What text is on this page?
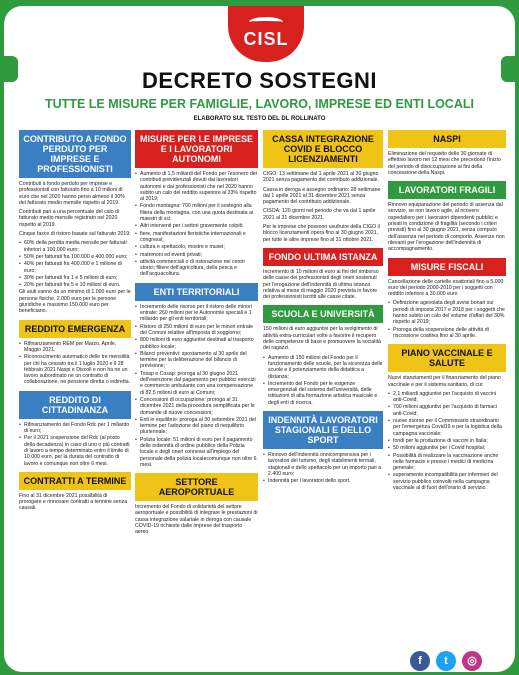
CISL
DECRETO SOSTEGNI
TUTTE LE MISURE PER FAMIGLIE, LAVORO, IMPRESE ED ENTI LOCALI
ELABORATO SUL TESTO DEL DL ROLLINATO
CONTRIBUTO A FONDO PERDUTO PER IMPRESE E PROFESSIONISTI

Contributi a fondo perduto per imprese e professionisti con fatturato fino a 10 milioni di euro che nel 2020 hanno perso almeno il 30% del fatturato medio mensile rispetto al 2019.

Contributi pari a una percentuale del calo di fatturato medio mensile registrato nel 2020 rispetto al 2019.

Cinque fasce di ristoro basate sul fatturato 2019:

• 60% della perdita media mensile per fatturati inferiori a 100.000 euro;
• 50% per fatturati fra 100.000 e 400.000 euro;
• 40% per fatturati fra 400.000 e 1 milione di euro;
• 30% per fatturati fra 1 e 5 milioni di euro;
• 20% per fatturati fra 5 e 10 milioni di euro.

Gli aiuti vanno da un minimo di 1.000 euro per le persone fisiche, 2.000 euro per le persone giuridiche e massimo 150.000 euro per beneficiario.

REDDITO EMERGENZA
• Rifinanziamento REM per Marzo, Aprile, Maggio 2021.
• Riconoscimento automatico delle tre mensilità per chi ha cessato tra il 1 luglio 2020 e il 28 febbraio 2021 Naspi e Discoll e non ha ne un lavoro subordinato ne un contratto di collaborazione, ne pensione diretta o indiretta.
REDDITO DI CITTADINANZA
• Rifinanziamento del Fondo Rdc per 1 miliardo di euro;
• Per il 2021 sospensione del Rdc (al posto della decadenza) in caso di uno o più contratti di lavoro a tempo determinato entro il limite di 10.000 euro, per la durata del contratto di lavoro e comunque non oltre 6 mesi.
CONTRATTI A TERMINE

Fino al 31 dicembre 2021 possibilità di prorogare e rinnovare contratti a termine senza causali.

MISURE PER LE IMPRESE E I LAVORATORI AUTONOMI
• Aumento di 1,5 miliardi del Fondo per l'esonero dei contributi previdenziali dovuti dai lavoratori autonomi e dai professionisti che nel 2020 hanno subito un calo del reddito superiore al 33% rispetto al 2019;
• Fondo montagna: 700 milioni per il sostegno alla filiera della montagna, con una quota destinata ai maestri di sci.
• Altri interventi per i settori gravemente colpiti:
• fiere, manifestazioni fieristiche internazionali e congressi;
• cultura e spettacolo, mostre e musei;
• matrimoni ed eventi privati;
• attività commerciali o di ristorazione nei centri storici; filiere dell'agricoltura, della pesca e dell'acquacoltura.
ENTI TERRITORIALI
• Incremento delle risorse per il ristoro delle minori entrate: 260 milioni per le Autonomie speciali e 1 miliardo per gli enti territoriali;
• Ristoro di 250 milioni di euro per le minori entrate dei Comuni relative all'imposta di soggiorno;
• 800 milioni di euro aggiuntivi destinati al trasporto pubblico locale;
• Bilanci preventivi: spostamento al 30 aprile del termine per la deliberazione del bilancio di previsione;
• Tosap e Cosap: proroga al 30 giugno 2021 dell'esenzione dal pagamento per pubblici esercizi e commercio ambulante con una compensazione di 82,5 milioni di euro ai Comuni;
• Concessioni di occupazione: proroga al 31 dicembre 2021 della procedura semplificata per le domande di nuove concessioni;
• Enti in equilibrio: proroga al 30 settembre 2021 del termine per l'adozione del piano di riequilibrio pluriennale;
• Polizia locale: 51 milioni di euro per il pagamento delle indennità di ordine pubblico della Polizia locale e degli oneri connessi all'impiego del personale della polizia localecomunque non oltre 6 mesi.
SETTORE AEROPORTUALE

Incremento del Fondo di solidarietà del settore aeroportuale e possibilità di integrare le prestazioni di cassa integrazione salariale in deroga con causale COVID-19 richieste dalle imprese del trasporto aereo.

CASSA INTEGRAZIONE COVID E BLOCCO LICENZIAMENTI

CIGO: 13 settimane dal 1 aprile 2021 al 30 giugno 2021 senza pagamento del contributo addizionale.

Cassa in deroga e assegno ordinario: 28 settimane dal 1 aprile 2021 al 31 dicembre 2021 senza pagamento del contributo addizionale.

CISOA: 120 giorni nel periodo che va dal 1 aprile 2021 al 31 dicembre 2021.

Per le imprese che possono usufruire della CIGO il blocco licenziamenti opera fino al 30 giugno 2021, per tutte le altre imprese fino al 31 ottobre 2021.

FONDO ULTIMA ISTANZA

Incremento di 10 milioni di euro ai fini del rimborso delle casse dei professionisti degli oneri sostenuti per l'erogazione dell'indennità di ultima istanza relativa al mese di maggio 2020 prevista in favore dei professionisti iscritti alle casse citate.

SCUOLA E UNIVERSITÀ

150 milioni di euro aggiuntivi per la svolgimento di attività extra-curriculari volte a favorire il recupero delle competenze di base e promuovere la socialità dei ragazzi.

• Aumento di 150 milioni del Fondo per il funzionamento delle scuole, per la sicurezza delle scuole e il potenziamento della didattica a distanza;
• Incremento del Fondo per le esigenze emergenziali del sistema dell'università, delle istituzioni di alta formazione artistica musicale e degli enti di ricerca.
INDENNITÀ LAVORATORI STAGIONALI E DELLO SPORT
• Rinnovo dell'indennità onnicomprensiva per i lavoratori del turismo, degli stabilimenti termali, stagionali e dello spettacolo per un importo pari a 2.400 euro;
• Indennità per i lavoratori dello sport.
NASPI

Eliminazione del requisito delle 30 giornate di effettivo lavoro nei 12 mesi che precedono l'inizio del periodo di disoccupazione ai fini della concessione della Naspi.

LAVORATORI FRAGILI

Rinnovo equiparazione del periodo di assenza dal servizio, se non lavoro agile, al ricovero ospedaliero per i lavoratori dipendenti pubblici e privati in condizione di fragilità (secondo i criteri previsti) fino al 30 giugno 2021, senza computo dell'assenza nel periodo di comporto. Assenze non rilevanti per l'erogazione dell'indennità di accompagnamento.

MISURE FISCALI

Cancellazione delle cartelle esattoriali fino a 5.000 euro del periodo 2000-2010 per i soggetti con reddito inferiore a 30.000 euro

• Definizione agevolata degli avvisi bonari sui periodi di imposta 2017 e 2018 per i soggetti che hanno subito un calo del volume d'affari del 30% rispetto al 2019;
• Proroga della sospensione delle attività di riscossione coattiva fino al 30 aprile.
PIANO VACCINALE E SALUTE

Nuovi stanziamenti per il finanziamento del piano vaccinale e per il sistema sanitario, di cui:

• 2,1 miliardi aggiuntivi per l'acquisto di vaccini anti-Covid;
• 700 milioni aggiuntivi per l'acquisto di farmaci anti-Covid;
• nuove risorse per il Commissario straordinario per l'emergenza Covid19 e per la logistica della campagna vaccinale;
• fondi per la produzione di vaccini in Italia;
• 50 milioni aggiuntivi per i Covid hospital;
• Possibilità di realizzare la vaccinazione anche nelle farmacie e presso i medici di medicina generale;
• superamento incompatibilità per infermieri del servizio pubblico coinvolti nella campagna vaccinale al di fuori dell'orario di servizio.
f	t	◎
